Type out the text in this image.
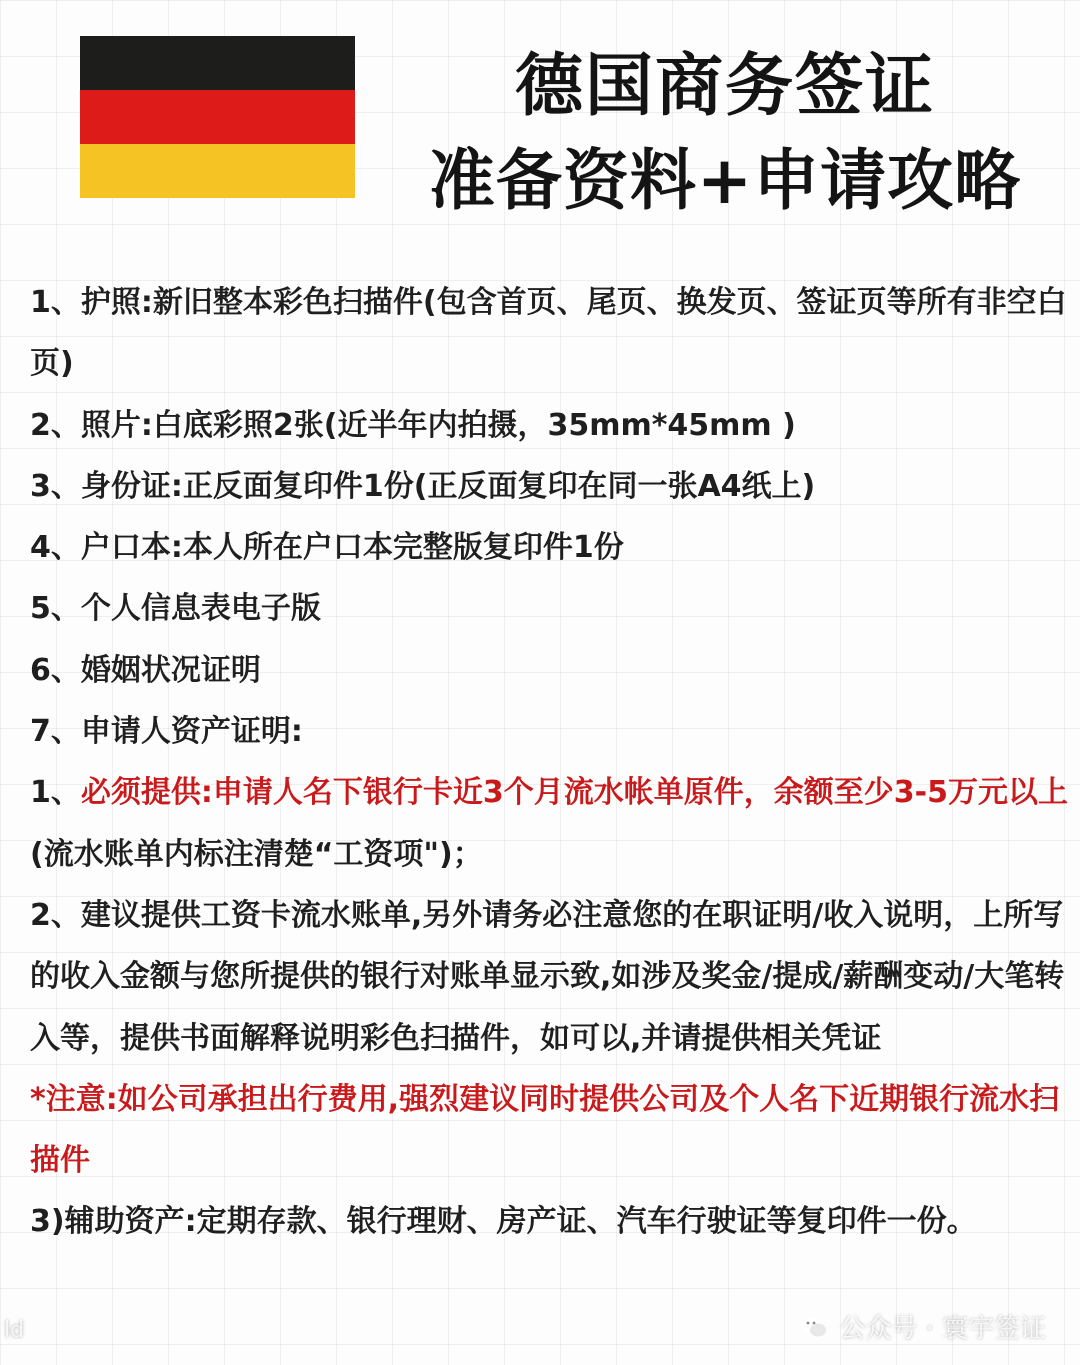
德国商务签证
准备资料+申请攻略

1、护照:新旧整本彩色扫描件(包含首页、尾页、换发页、签证页等所有非空白页)

2、照片:白底彩照2张(近半年内拍摄，35mm*45mm )

3、身份证:正反面复印件1份(正反面复印在同一张A4纸上)

4、户口本:本人所在户口本完整版复印件1份

5、个人信息表电子版

6、婚姻状况证明

7、申请人资产证明:

1、必须提供:申请人名下银行卡近3个月流水帐单原件，余额至少3-5万元以上

(流水账单内标注清楚“工资项")；

2、建议提供工资卡流水账单,另外请务必注意您的在职证明/收入说明，上所写的收入金额与您所提供的银行对账单显示致,如涉及奖金/提成/薪酬变动/大笔转入等，提供书面解释说明彩色扫描件，如可以,并请提供相关凭证

*注意:如公司承担出行费用,强烈建议同时提供公司及个人名下近期银行流水扫描件

3)辅助资产:定期存款、银行理财、房产证、汽车行驶证等复印件一份。

ld	公众号 · 寰宇签证
